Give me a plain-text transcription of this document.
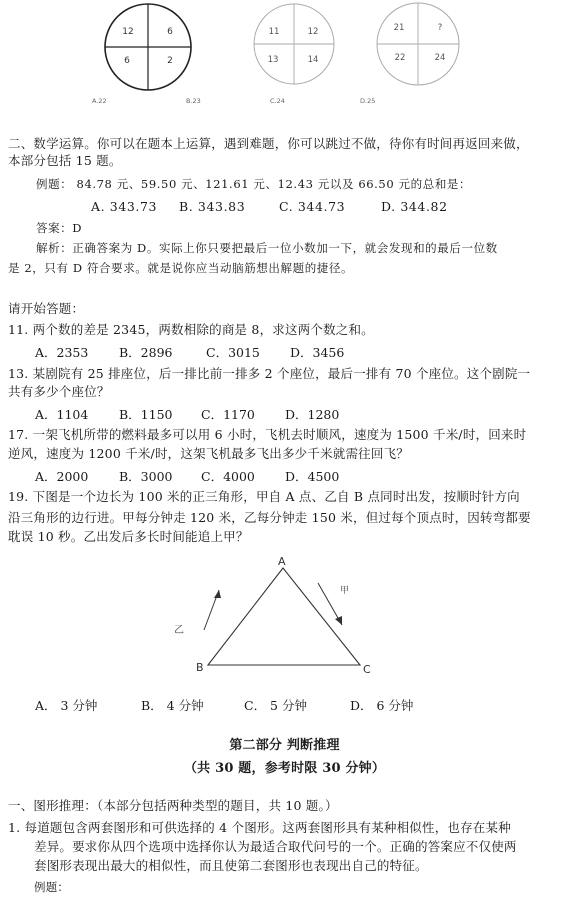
12	6
6	2
11	12
13	14
21	?
22	24
A.22	B.23	C.24	D.25
二、数学运算。你可以在题本上运算，遇到难题，你可以跳过不做，待你有时间再返回来做，
本部分包括 15 题。
例题： 84.78 元、59.50 元、121.61 元、12.43 元以及 66.50 元的总和是：
A. 343.73 B. 343.83	C. 344.73	D. 344.82
答案：D
解析：正确答案为 D。实际上你只要把最后一位小数加一下，就会发现和的最后一位数
是 2，只有 D 符合要求。就是说你应当动脑筋想出解题的捷径。
请开始答题：
11. 两个数的差是 2345，两数相除的商是 8，求这两个数之和。
A．2353 B．2896	C．3015 D．3456
13. 某剧院有 25 排座位，后一排比前一排多 2 个座位，最后一排有 70 个座位。这个剧院一
共有多少个座位？
A．1104 B．1150 C．1170 D．1280
17. 一架飞机所带的燃料最多可以用 6 小时，飞机去时顺风，速度为 1500 千米/时，回来时
逆风，速度为 1200 千米/时，这架飞机最多飞出多少千米就需往回飞？
A．2000 B．3000 C．4000 D．4500
19. 下图是一个边长为 100 米的正三角形，甲自 A 点、乙自 B 点同时出发，按顺时针方向
沿三角形的边行进。甲每分钟走 120 米，乙每分钟走 150 米，但过每个顶点时，因转弯都要
耽误 10 秒。乙出发后多长时间能追上甲？
A
B	C
乙
甲
A． 3 分钟	B． 4 分钟	C． 5 分钟	D． 6 分钟
第二部分 判断推理
（共 30 题，参考时限 30 分钟）
一、图形推理：（本部分包括两种类型的题目，共 10 题。）
1. 每道题包含两套图形和可供选择的 4 个图形。这两套图形具有某种相似性，也存在某种
差异。要求你从四个选项中选择你认为最适合取代问号的一个。正确的答案应不仅使两
套图形表现出最大的相似性，而且使第二套图形也表现出自己的特征。
例题：
